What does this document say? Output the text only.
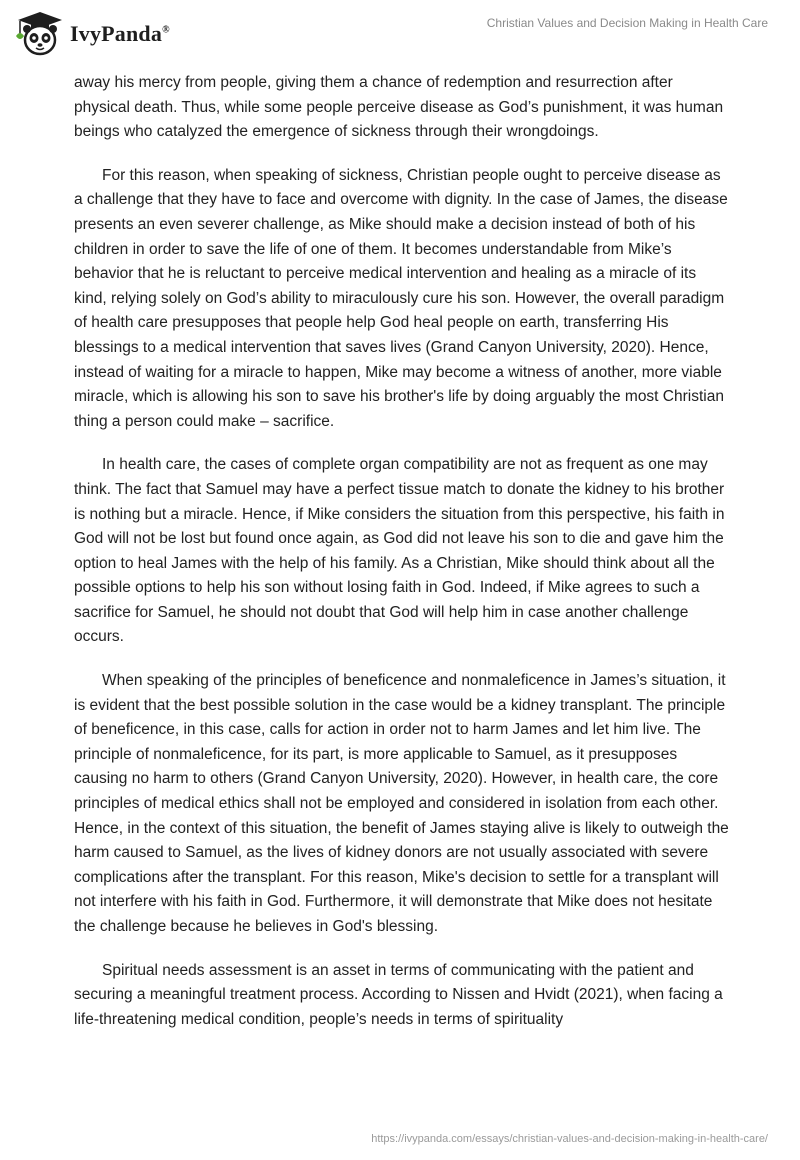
IvyPanda®
Christian Values and Decision Making in Health Care

away his mercy from people, giving them a chance of redemption and resurrection after physical death. Thus, while some people perceive disease as God’s punishment, it was human beings who catalyzed the emergence of sickness through their wrongdoings.

For this reason, when speaking of sickness, Christian people ought to perceive disease as a challenge that they have to face and overcome with dignity. In the case of James, the disease presents an even severer challenge, as Mike should make a decision instead of both of his children in order to save the life of one of them. It becomes understandable from Mike’s behavior that he is reluctant to perceive medical intervention and healing as a miracle of its kind, relying solely on God’s ability to miraculously cure his son. However, the overall paradigm of health care presupposes that people help God heal people on earth, transferring His blessings to a medical intervention that saves lives (Grand Canyon University, 2020). Hence, instead of waiting for a miracle to happen, Mike may become a witness of another, more viable miracle, which is allowing his son to save his brother's life by doing arguably the most Christian thing a person could make – sacrifice.

In health care, the cases of complete organ compatibility are not as frequent as one may think. The fact that Samuel may have a perfect tissue match to donate the kidney to his brother is nothing but a miracle. Hence, if Mike considers the situation from this perspective, his faith in God will not be lost but found once again, as God did not leave his son to die and gave him the option to heal James with the help of his family. As a Christian, Mike should think about all the possible options to help his son without losing faith in God. Indeed, if Mike agrees to such a sacrifice for Samuel, he should not doubt that God will help him in case another challenge occurs.

When speaking of the principles of beneficence and nonmaleficence in James’s situation, it is evident that the best possible solution in the case would be a kidney transplant. The principle of beneficence, in this case, calls for action in order not to harm James and let him live. The principle of nonmaleficence, for its part, is more applicable to Samuel, as it presupposes causing no harm to others (Grand Canyon University, 2020). However, in health care, the core principles of medical ethics shall not be employed and considered in isolation from each other. Hence, in the context of this situation, the benefit of James staying alive is likely to outweigh the harm caused to Samuel, as the lives of kidney donors are not usually associated with severe complications after the transplant. For this reason, Mike's decision to settle for a transplant will not interfere with his faith in God. Furthermore, it will demonstrate that Mike does not hesitate the challenge because he believes in God's blessing.

Spiritual needs assessment is an asset in terms of communicating with the patient and securing a meaningful treatment process. According to Nissen and Hvidt (2021), when facing a life-threatening medical condition, people’s needs in terms of spirituality

https://ivypanda.com/essays/christian-values-and-decision-making-in-health-care/
